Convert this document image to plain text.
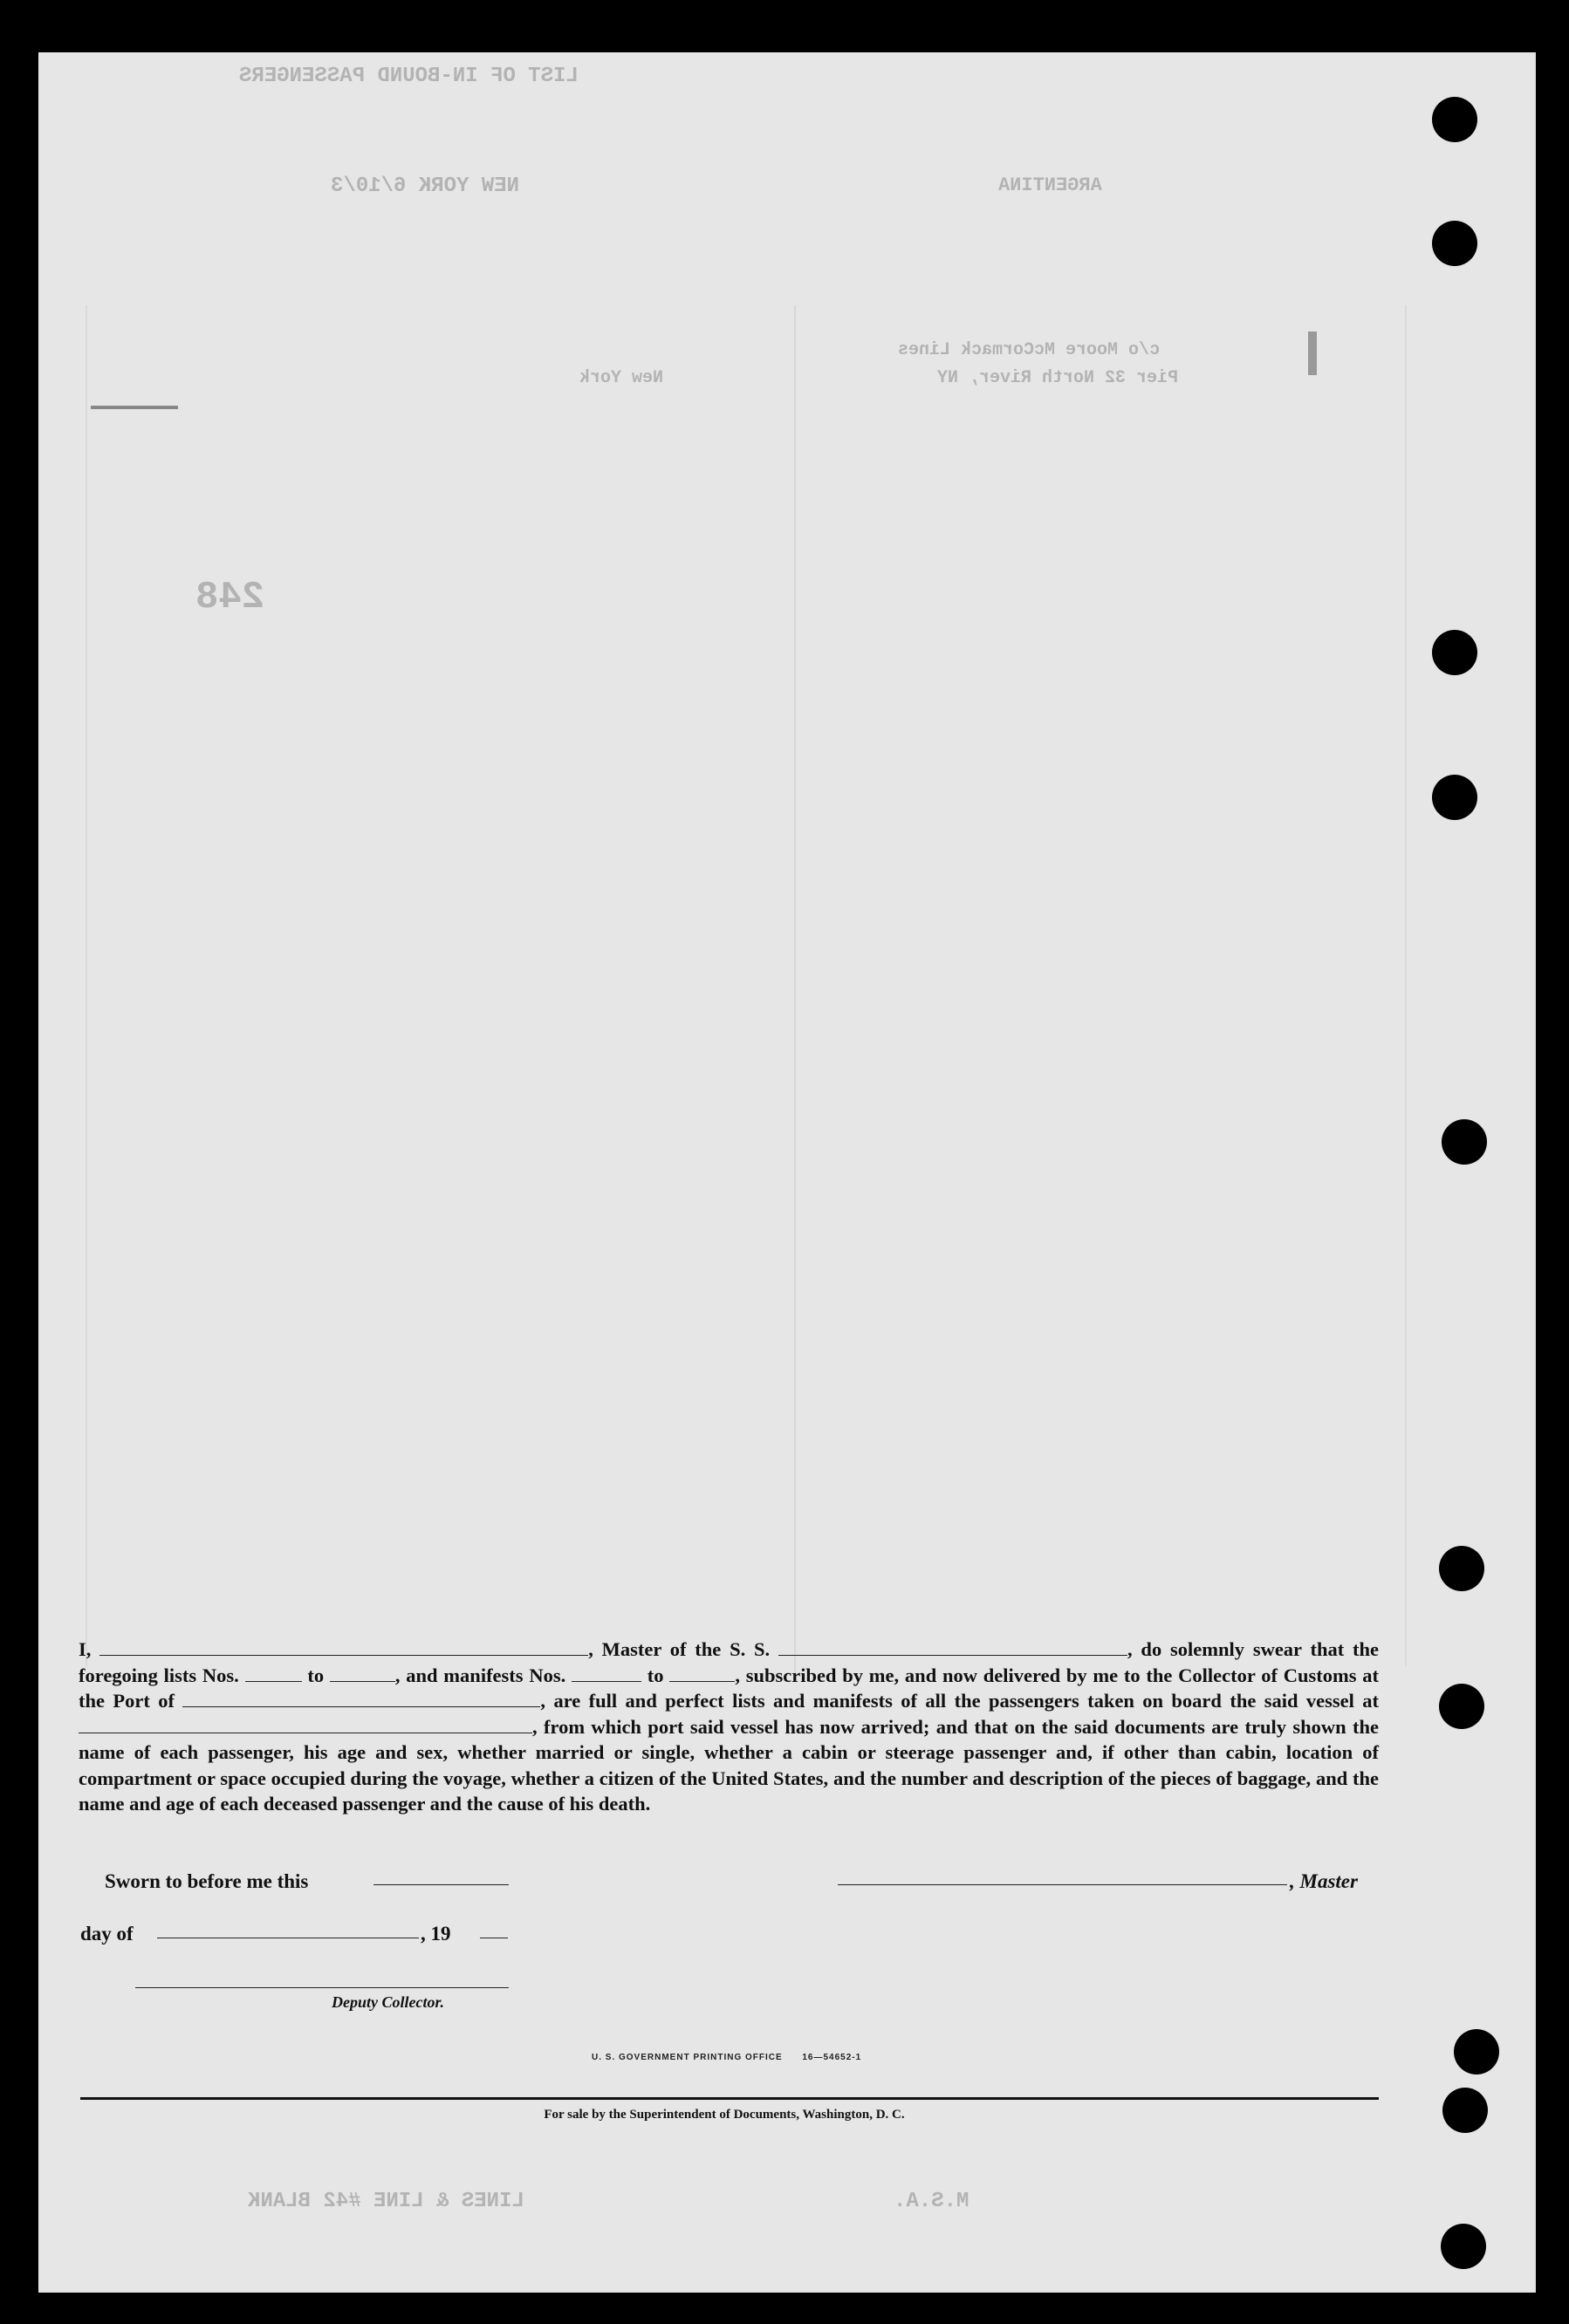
LIST OF IN-BOUND PASSENGERS
NEW YORK 6/10/3	ARGENTINA
New York
c/o Moore McCormack Lines
Pier 32 North River, NY
248
LINES & LINE #42 BLANK	M.S.A.
I,	, Master of the S. S.	, do solemnly swear that the foregoing lists Nos.	to	, and manifests Nos.	to	, subscribed by me, and now delivered by me to the Collector of Customs at the Port of	, are full and perfect lists and manifests of all the passengers taken on board the said vessel at , from which port said vessel has now arrived; and that on the said documents are truly shown the name of each passenger, his age and sex, whether married or single, whether a cabin or steerage passenger and, if other than cabin, location of compartment or space occupied during the voyage, whether a citizen of the United States, and the number and description of the pieces of baggage, and the name and age of each deceased passenger and the cause of his death.
Sworn to before me this	, Master
day of	, 19
Deputy Collector.
U. S. GOVERNMENT PRINTING OFFICE      16—54652-1
For sale by the Superintendent of Documents, Washington, D. C.
